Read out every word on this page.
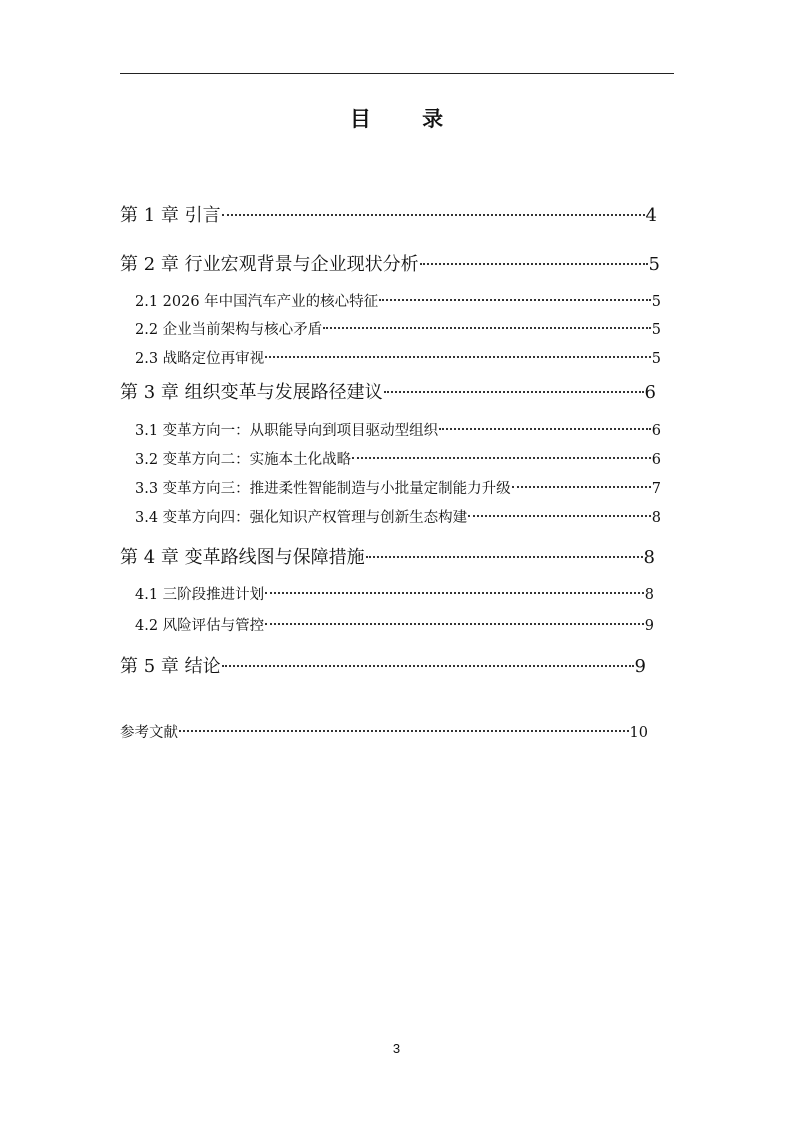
目 录
第 1 章 引言	4
第 2 章 行业宏观背景与企业现状分析	5
2.1 2026 年中国汽车产业的核心特征	5
2.2 企业当前架构与核心矛盾	5
2.3 战略定位再审视	5
第 3 章 组织变革与发展路径建议	6
3.1 变革方向一：从职能导向到项目驱动型组织	6
3.2 变革方向二：实施本土化战略	6
3.3 变革方向三：推进柔性智能制造与小批量定制能力升级	7
3.4 变革方向四：强化知识产权管理与创新生态构建	8
第 4 章 变革路线图与保障措施	8
4.1 三阶段推进计划	8
4.2 风险评估与管控	9
第 5 章 结论	9
参考文献	10
3
